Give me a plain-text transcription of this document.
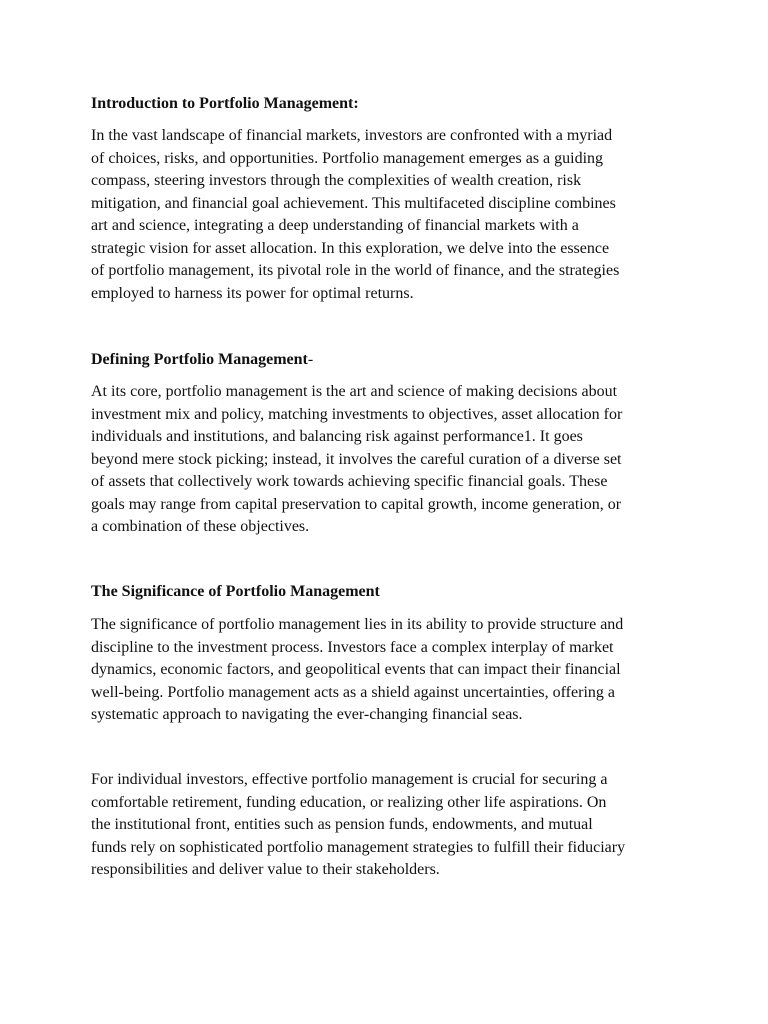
Introduction to Portfolio Management:

In the vast landscape of financial markets, investors are confronted with a myriad
of choices, risks, and opportunities. Portfolio management emerges as a guiding
compass, steering investors through the complexities of wealth creation, risk
mitigation, and financial goal achievement. This multifaceted discipline combines
art and science, integrating a deep understanding of financial markets with a
strategic vision for asset allocation. In this exploration, we delve into the essence
of portfolio management, its pivotal role in the world of finance, and the strategies
employed to harness its power for optimal returns.

Defining Portfolio Management-

At its core, portfolio management is the art and science of making decisions about
investment mix and policy, matching investments to objectives, asset allocation for
individuals and institutions, and balancing risk against performance1. It goes
beyond mere stock picking; instead, it involves the careful curation of a diverse set
of assets that collectively work towards achieving specific financial goals. These
goals may range from capital preservation to capital growth, income generation, or
a combination of these objectives.

The Significance of Portfolio Management

The significance of portfolio management lies in its ability to provide structure and
discipline to the investment process. Investors face a complex interplay of market
dynamics, economic factors, and geopolitical events that can impact their financial
well-being. Portfolio management acts as a shield against uncertainties, offering a
systematic approach to navigating the ever-changing financial seas.

For individual investors, effective portfolio management is crucial for securing a
comfortable retirement, funding education, or realizing other life aspirations. On
the institutional front, entities such as pension funds, endowments, and mutual
funds rely on sophisticated portfolio management strategies to fulfill their fiduciary
responsibilities and deliver value to their stakeholders.
